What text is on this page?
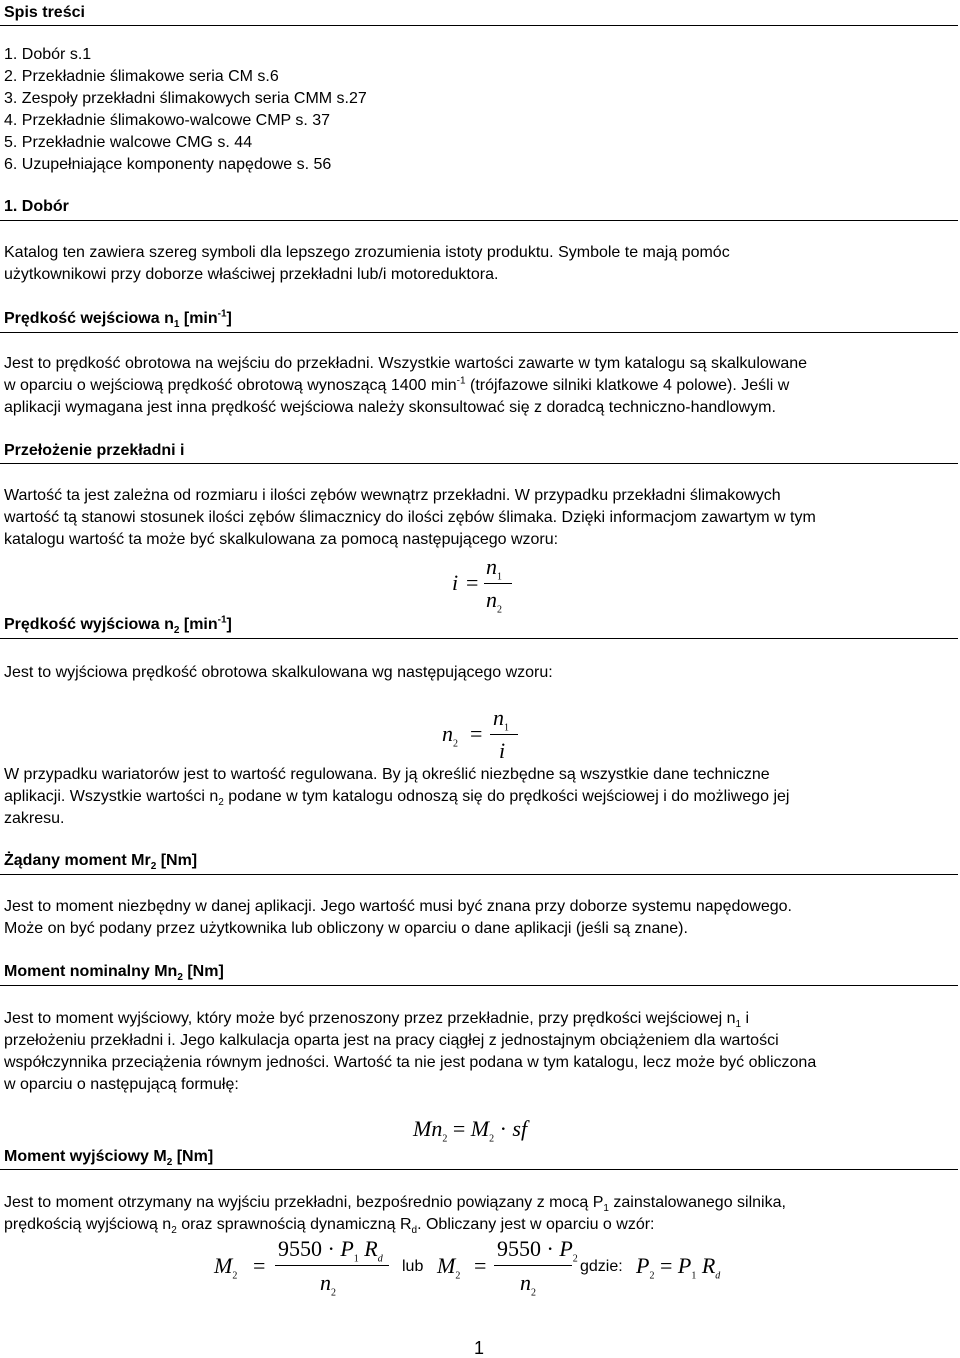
Spis treści
1. Dobór s.1
2. Przekładnie ślimakowe seria CM s.6
3. Zespoły przekładni ślimakowych seria CMM s.27
4. Przekładnie ślimakowo-walcowe CMP s. 37
5. Przekładnie walcowe CMG s. 44
6. Uzupełniające komponenty napędowe s. 56
1. Dobór
Katalog ten zawiera szereg symboli dla lepszego zrozumienia istoty produktu. Symbole te mają pomóc
użytkownikowi przy doborze właściwej przekładni lub/i motoreduktora.
Prędkość wejściowa $n_1$ $[\min^{-1}]$
Jest to prędkość obrotowa na wejściu do przekładni. Wszystkie wartości zawarte w tym katalogu są skalkulowane
w oparciu o wejściową prędkość obrotową wynoszącą 1400 $\min^{-1}$ (trójfazowe silniki klatkowe 4 polowe). Jeśli w
aplikacji wymagana jest inna prędkość wejściowa należy skonsultować się z doradcą techniczno-handlowym.
Przełożenie przekładni i
Wartość ta jest zależna od rozmiaru i ilości zębów wewnątrz przekładni. W przypadku przekładni ślimakowych
wartość tą stanowi stosunek ilości zębów ślimacznicy do ilości zębów ślimaka. Dzięki informacjom zawartym w tym
katalogu wartość ta może być skalkulowana za pomocą następującego wzoru:
i =
$n_1$
$n_2$
Prędkość wyjściowa $n_2$ $[\min^{-1}]$
Jest to wyjściowa prędkość obrotowa skalkulowana wg następującego wzoru:
$n_2$ =
$n_1$
i
W przypadku wariatorów jest to wartość regulowana. By ją określić niezbędne są wszystkie dane techniczne
aplikacji. Wszystkie wartości $n_2$ podane w tym katalogu odnoszą się do prędkości wejściowej i do możliwego jej
zakresu.
Żądany moment $Mr_2$ [Nm]
Jest to moment niezbędny w danej aplikacji. Jego wartość musi być znana przy doborze systemu napędowego.
Może on być podany przez użytkownika lub obliczony w oparciu o dane aplikacji (jeśli są znane).
Moment nominalny $Mn_2$ [Nm]
Jest to moment wyjściowy, który może być przenoszony przez przekładnie, przy prędkości wejściowej $n_1$ i
przełożeniu przekładni i. Jego kalkulacja oparta jest na pracy ciągłej z jednostajnym obciążeniem dla wartości
współczynnika przeciążenia równym jedności. Wartość ta nie jest podana w tym katalogu, lecz może być obliczona
w oparciu o następującą formułę:
$Mn_2 = M_2$ · sf
Moment wyjściowy $M_2$ [Nm]
Jest to moment otrzymany na wyjściu przekładni, bezpośrednio powiązany z mocą $P_1$ zainstalowanego silnika,
prędkością wyjściową $n_2$ oraz sprawnością dynamiczną $R_d$. Obliczany jest w oparciu o wzór:
$M_2$ =
$9550 \cdot P_1$ $R_d$
$n_2$
lub $M_2$ =
$9550 \cdot P_2$
$n_2$
gdzie: $P_2 = P_1$ $R_d$
1
